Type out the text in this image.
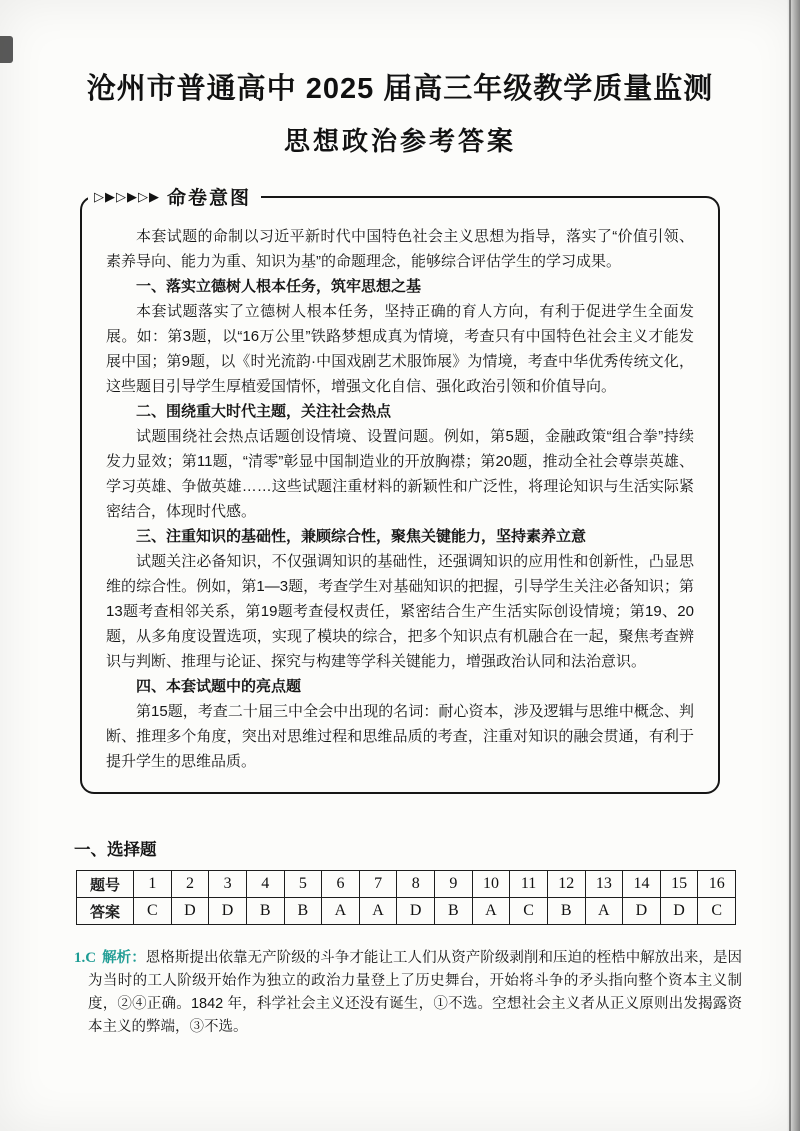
沧州市普通高中 2025 届高三年级教学质量监测
思想政治参考答案
▷▶▷▶▷▶ 命卷意图

本套试题的命制以习近平新时代中国特色社会主义思想为指导，落实了“价值引领、素养导向、能力为重、知识为基”的命题理念，能够综合评估学生的学习成果。

一、落实立德树人根本任务，筑牢思想之基

本套试题落实了立德树人根本任务，坚持正确的育人方向，有利于促进学生全面发展。如：第3题，以“16万公里”铁路梦想成真为情境，考查只有中国特色社会主义才能发展中国；第9题，以《时光流韵·中国戏剧艺术服饰展》为情境，考查中华优秀传统文化，这些题目引导学生厚植爱国情怀，增强文化自信、强化政治引领和价值导向。

二、围绕重大时代主题，关注社会热点

试题围绕社会热点话题创设情境、设置问题。例如，第5题，金融政策“组合拳”持续发力显效；第11题，“清零”彰显中国制造业的开放胸襟；第20题，推动全社会尊崇英雄、学习英雄、争做英雄……这些试题注重材料的新颖性和广泛性，将理论知识与生活实际紧密结合，体现时代感。

三、注重知识的基础性，兼顾综合性，聚焦关键能力，坚持素养立意

试题关注必备知识，不仅强调知识的基础性，还强调知识的应用性和创新性，凸显思维的综合性。例如，第1—3题，考查学生对基础知识的把握，引导学生关注必备知识；第13题考查相邻关系，第19题考查侵权责任，紧密结合生产生活实际创设情境；第19、20题，从多角度设置选项，实现了模块的综合，把多个知识点有机融合在一起，聚焦考查辨识与判断、推理与论证、探究与构建等学科关键能力，增强政治认同和法治意识。

四、本套试题中的亮点题

第15题，考查二十届三中全会中出现的名词：耐心资本，涉及逻辑与思维中概念、判断、推理多个角度，突出对思维过程和思维品质的考查，注重对知识的融会贯通，有利于提升学生的思维品质。

一、选择题
题号	1	2	3	4	5	6	7	8	9	10	11	12	13	14	15	16
答案	C	D	D	B	B	A	A	D	B	A	C	B	A	D	D	C

1.C 解析：恩格斯提出依靠无产阶级的斗争才能让工人们从资产阶级剥削和压迫的桎梏中解放出来，是因为当时的工人阶级开始作为独立的政治力量登上了历史舞台，开始将斗争的矛头指向整个资本主义制度，②④正确。1842 年，科学社会主义还没有诞生，①不选。空想社会主义者从正义原则出发揭露资本主义的弊端，③不选。
